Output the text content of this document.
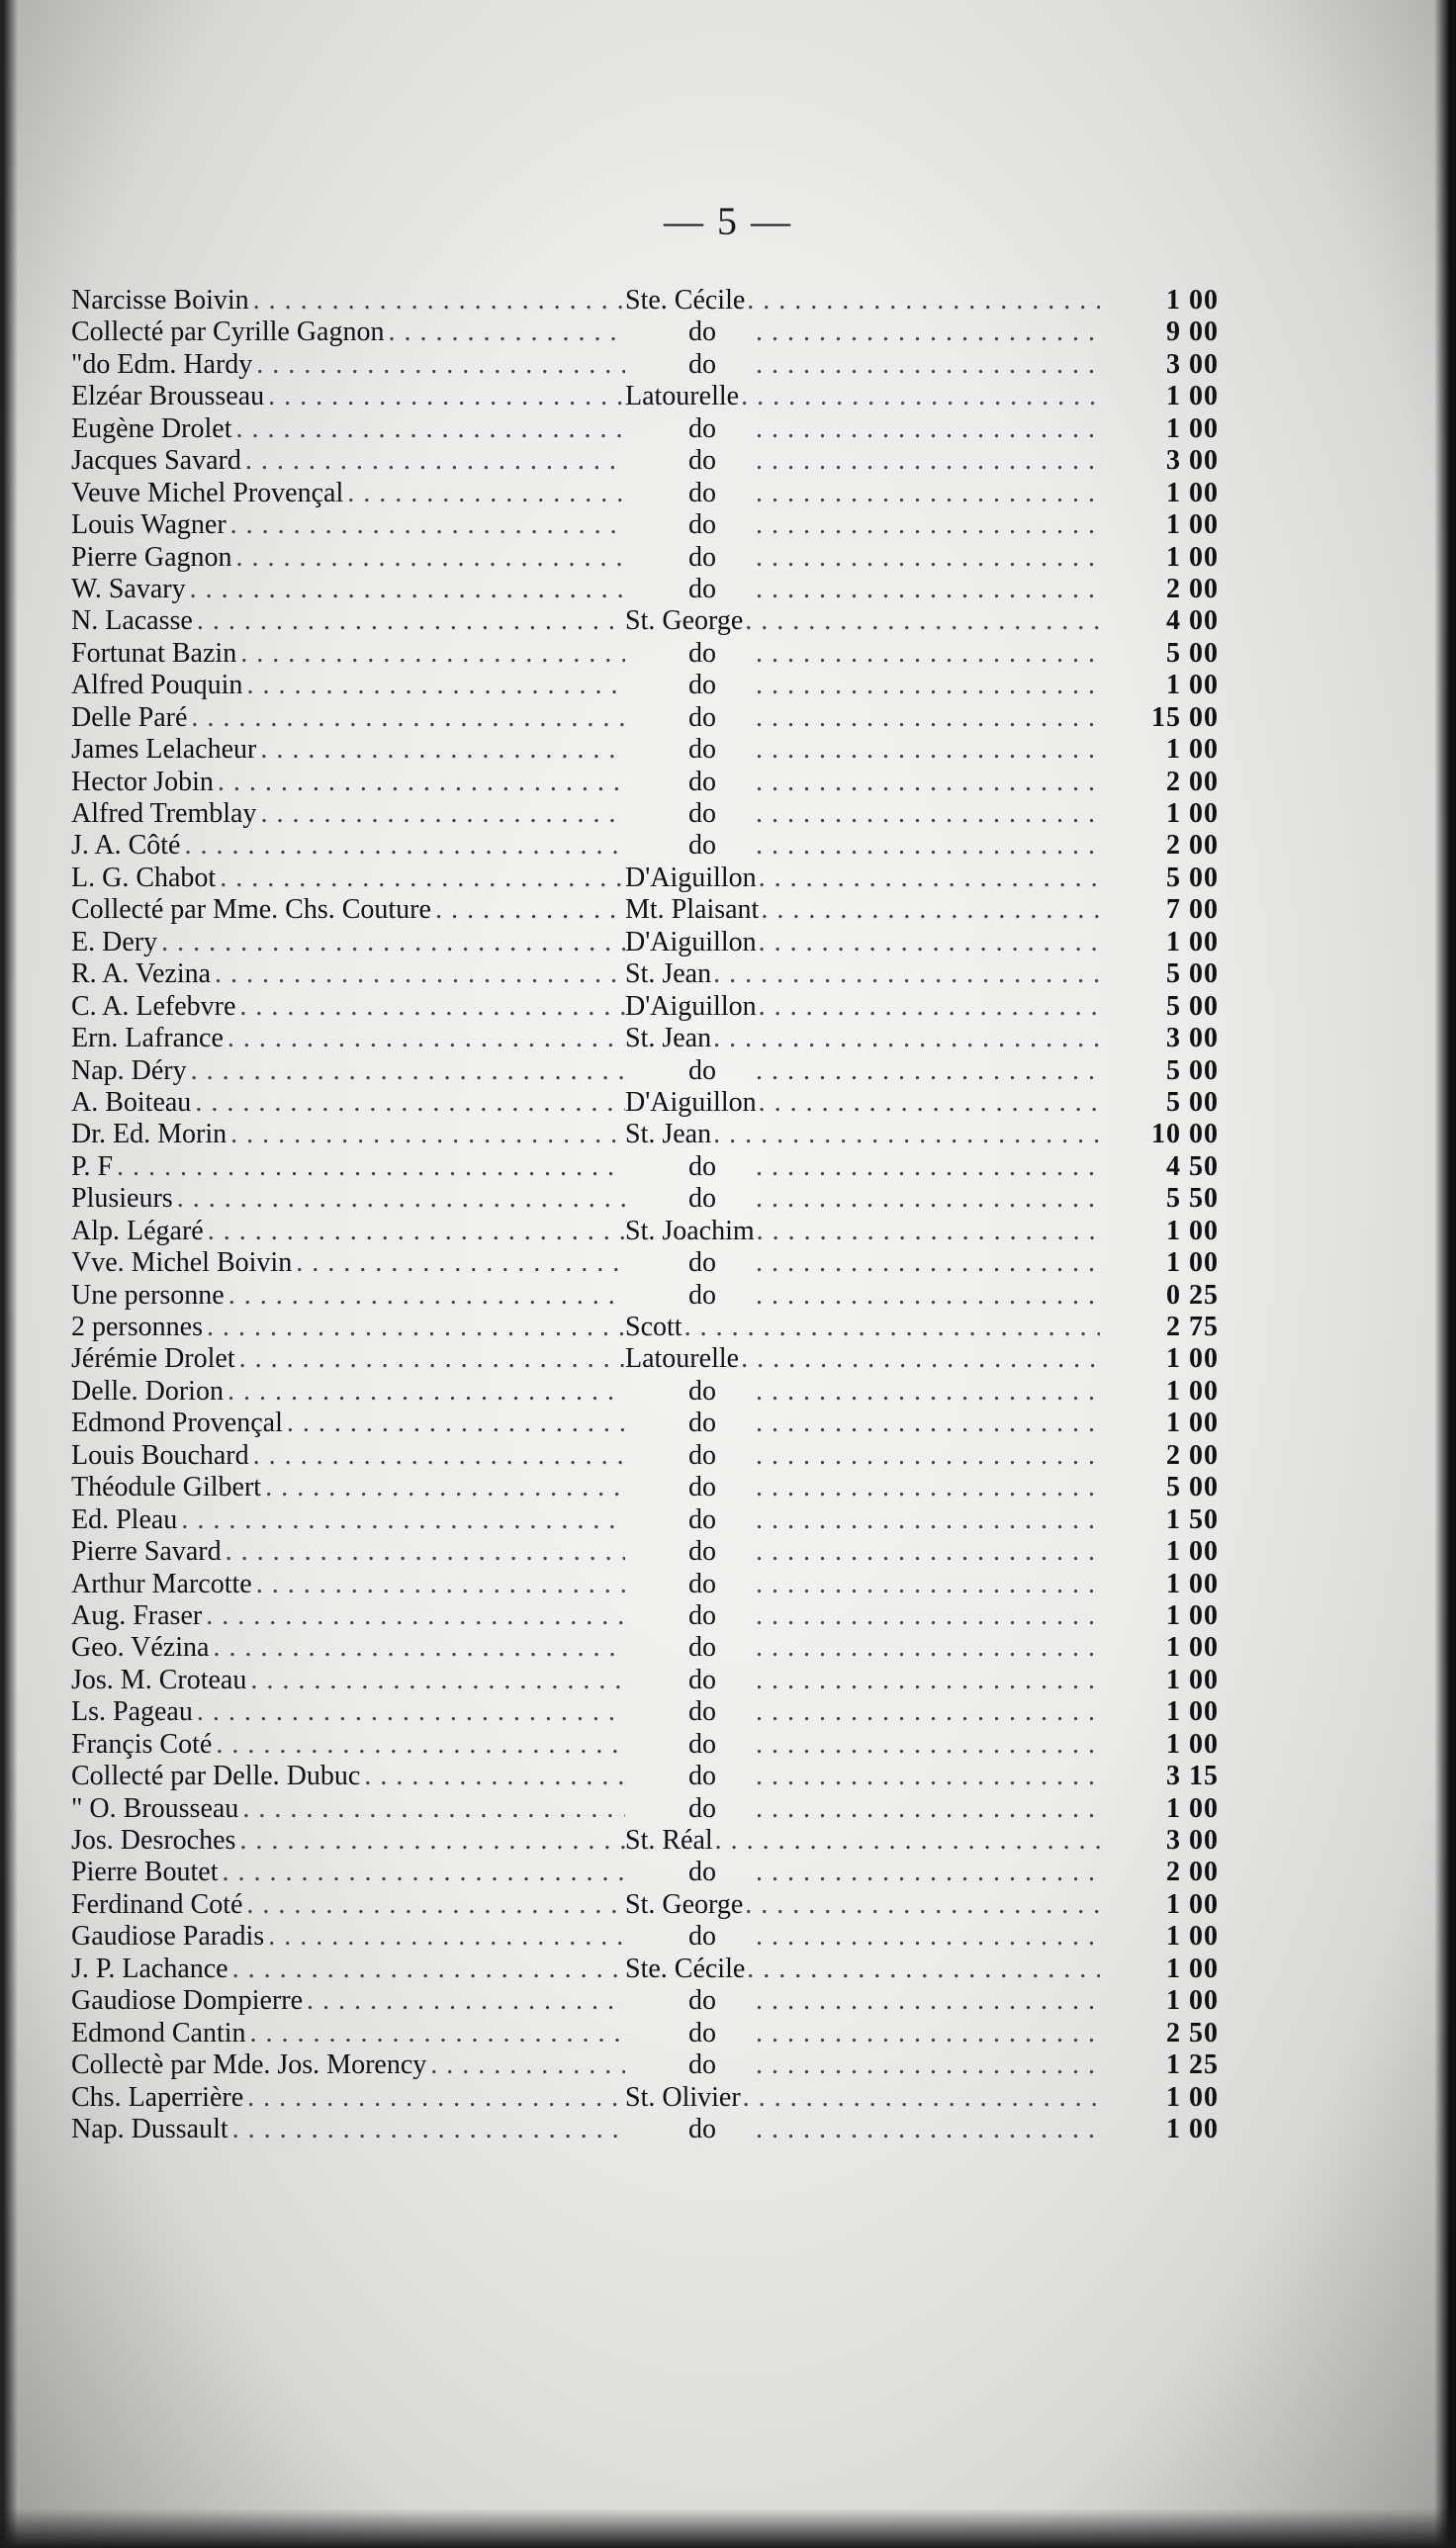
— 5 —
Narcisse Boivin . . .	Ste. Cécile . . .	1 00
Collecté par Cyrille Gagnon . . .	do . . .	9 00
"do Edm. Hardy . . .	do . . .	3 00
Elzéar Brousseau . . .	Latourelle . . .	1 00
Eugène Drolet . . .	do . . .	1 00
Jacques Savard . . .	do . . .	3 00
Veuve Michel Provençal . . .	do . . .	1 00
Louis Wagner . . .	do . . .	1 00
Pierre Gagnon . . .	do . . .	1 00
W. Savary . . .	do . . .	2 00
N. Lacasse . . .	St. George . . .	4 00
Fortunat Bazin . . .	do . . .	5 00
Alfred Pouquin . . .	do . . .	1 00
Delle Paré . . .	do . . .	15 00
James Lelacheur . . .	do . . .	1 00
Hector Jobin . . .	do . . .	2 00
Alfred Tremblay . . .	do . . .	1 00
J. A. Côté . . .	do . . .	2 00
L. G. Chabot . . .	D'Aiguillon . . .	5 00
Collecté par Mme. Chs. Couture . . .	Mt. Plaisant . . .	7 00
E. Dery . . .	D'Aiguillon . . .	1 00
R. A. Vezina . . .	St. Jean . . .	5 00
C. A. Lefebvre . . .	D'Aiguillon . . .	5 00
Ern. Lafrance . . .	St. Jean . . .	3 00
Nap. Déry . . .	do . . .	5 00
A. Boiteau . . .	D'Aiguillon . . .	5 00
Dr. Ed. Morin . . .	St. Jean . . .	10 00
P. F . . .	do . . .	4 50
Plusieurs . . .	do . . .	5 50
Alp. Légaré . . .	St. Joachim . . .	1 00
Vve. Michel Boivin . . .	do . . .	1 00
Une personne . . .	do . . .	0 25
2 personnes . . .	Scott . . .	2 75
Jérémie Drolet . . .	Latourelle . . .	1 00
Delle. Dorion . . .	do . . .	1 00
Edmond Provençal . . .	do . . .	1 00
Louis Bouchard . . .	do . . .	2 00
Théodule Gilbert . . .	do . . .	5 00
Ed. Pleau . . .	do . . .	1 50
Pierre Savard . . .	do . . .	1 00
Arthur Marcotte . . .	do . . .	1 00
Aug. Fraser . . .	do . . .	1 00
Geo. Vézina . . .	do . . .	1 00
Jos. M. Croteau . . .	do . . .	1 00
Ls. Pageau . . .	do . . .	1 00
Françis Coté . . .	do . . .	1 00
Collecté par Delle. Dubuc . . .	do . . .	3 15
" O. Brousseau . . .	do . . .	1 00
Jos. Desroches . . .	St. Réal . . .	3 00
Pierre Boutet . . .	do . . .	2 00
Ferdinand Coté . . .	St. George . . .	1 00
Gaudiose Paradis . . .	do . . .	1 00
J. P. Lachance . . .	Ste. Cécile . . .	1 00
Gaudiose Dompierre . . .	do . . .	1 00
Edmond Cantin . . .	do . . .	2 50
Collectè par Mde. Jos. Morency . . .	do . . .	1 25
Chs. Laperrière . . .	St. Olivier . . .	1 00
Nap. Dussault . . .	do . . .	1 00
